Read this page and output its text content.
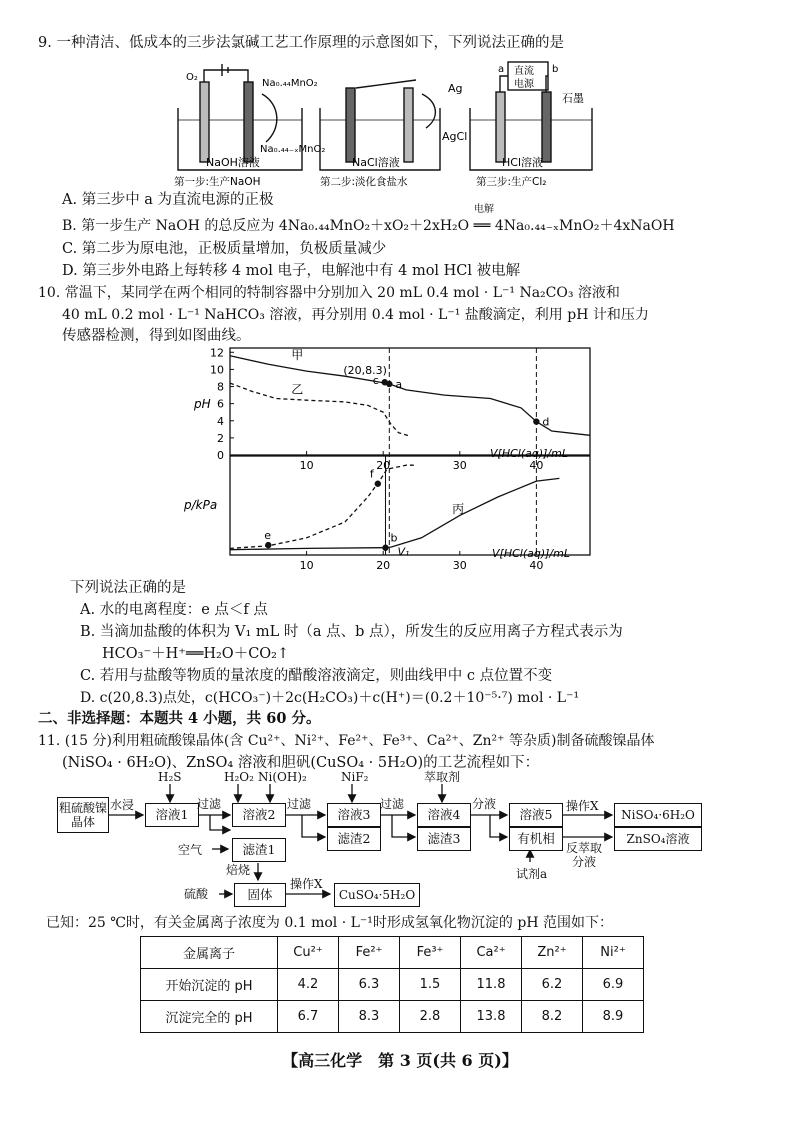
9. 一种清洁、低成本的三步法氯碱工艺工作原理的示意图如下，下列说法正确的是
O₂
Na₀.₄₄MnO₂
Na₀.₄₄₋ₓMnO₂
NaOH溶液	NaCl溶液	HCl溶液
Ag
AgCl
a	b
直流
电源
石墨
第一步:生产NaOH	第二步:淡化食盐水	第三步:生产Cl₂
A. 第三步中 a 为直流电源的正极
电解
B. 第一步生产 NaOH 的总反应为 4Na₀.₄₄MnO₂＋xO₂＋2xH₂O ══ 4Na₀.₄₄₋ₓMnO₂＋4xNaOH
C. 第二步为原电池，正极质量增加，负极质量减少
D. 第三步外电路上每转移 4 mol 电子，电解池中有 4 mol HCl 被电解
10. 常温下，某同学在两个相同的特制容器中分别加入 20 mL 0.4 mol · L⁻¹ Na₂CO₃ 溶液和
40 mL 0.2 mol · L⁻¹ NaHCO₃ 溶液，再分别用 0.4 mol · L⁻¹ 盐酸滴定，利用 pH 计和压力
传感器检测，得到如图曲线。
0
2
4
6
8
10
12
10
10
20
20
30
30
40
40
pH
p/kPa
V[HCl(aq)]/mL
V[HCl(aq)]/mL
甲
乙
丙
a
c
d
e
f
b
V₁
(20,8.3)
下列说法正确的是
A. 水的电离程度：e 点＜f 点
B. 当滴加盐酸的体积为 V₁ mL 时（a 点、b 点），所发生的反应用离子方程式表示为
HCO₃⁻＋H⁺══H₂O＋CO₂↑
C. 若用与盐酸等物质的量浓度的醋酸溶液滴定，则曲线甲中 c 点位置不变
D. c(20,8.3)点处，c(HCO₃⁻)＋2c(H₂CO₃)＋c(H⁺)＝(0.2＋10⁻⁵·⁷) mol · L⁻¹
二、非选择题：本题共 4 小题，共 60 分。
11. (15 分)利用粗硫酸镍晶体(含 Cu²⁺、Ni²⁺、Fe²⁺、Fe³⁺、Ca²⁺、Zn²⁺ 等杂质)制备硫酸镍晶体
(NiSO₄ · 6H₂O)、ZnSO₄ 溶液和胆矾(CuSO₄ · 5H₂O)的工艺流程如下：
粗硫酸镍晶体
水浸
溶液1
H₂S
过滤
H₂O₂ Ni(OH)₂
溶液2
滤渣1
过滤
NiF₂
溶液3
滤渣2
过滤
萃取剂
溶液4
滤渣3
分液
溶液5
有机相
操作X
NiSO₄·6H₂O
反萃取
分液
ZnSO₄溶液
试剂a
空气
焙烧
硫酸	固体
操作X
CuSO₄·5H₂O
已知：25 ℃时，有关金属离子浓度为 0.1 mol · L⁻¹时形成氢氧化物沉淀的 pH 范围如下：
金属离子	Cu²⁺	Fe²⁺	Fe³⁺	Ca²⁺	Zn²⁺	Ni²⁺
开始沉淀的 pH	4.2	6.3	1.5	11.8	6.2	6.9
沉淀完全的 pH	6.7	8.3	2.8	13.8	8.2	8.9
【高三化学　第 3 页(共 6 页)】
